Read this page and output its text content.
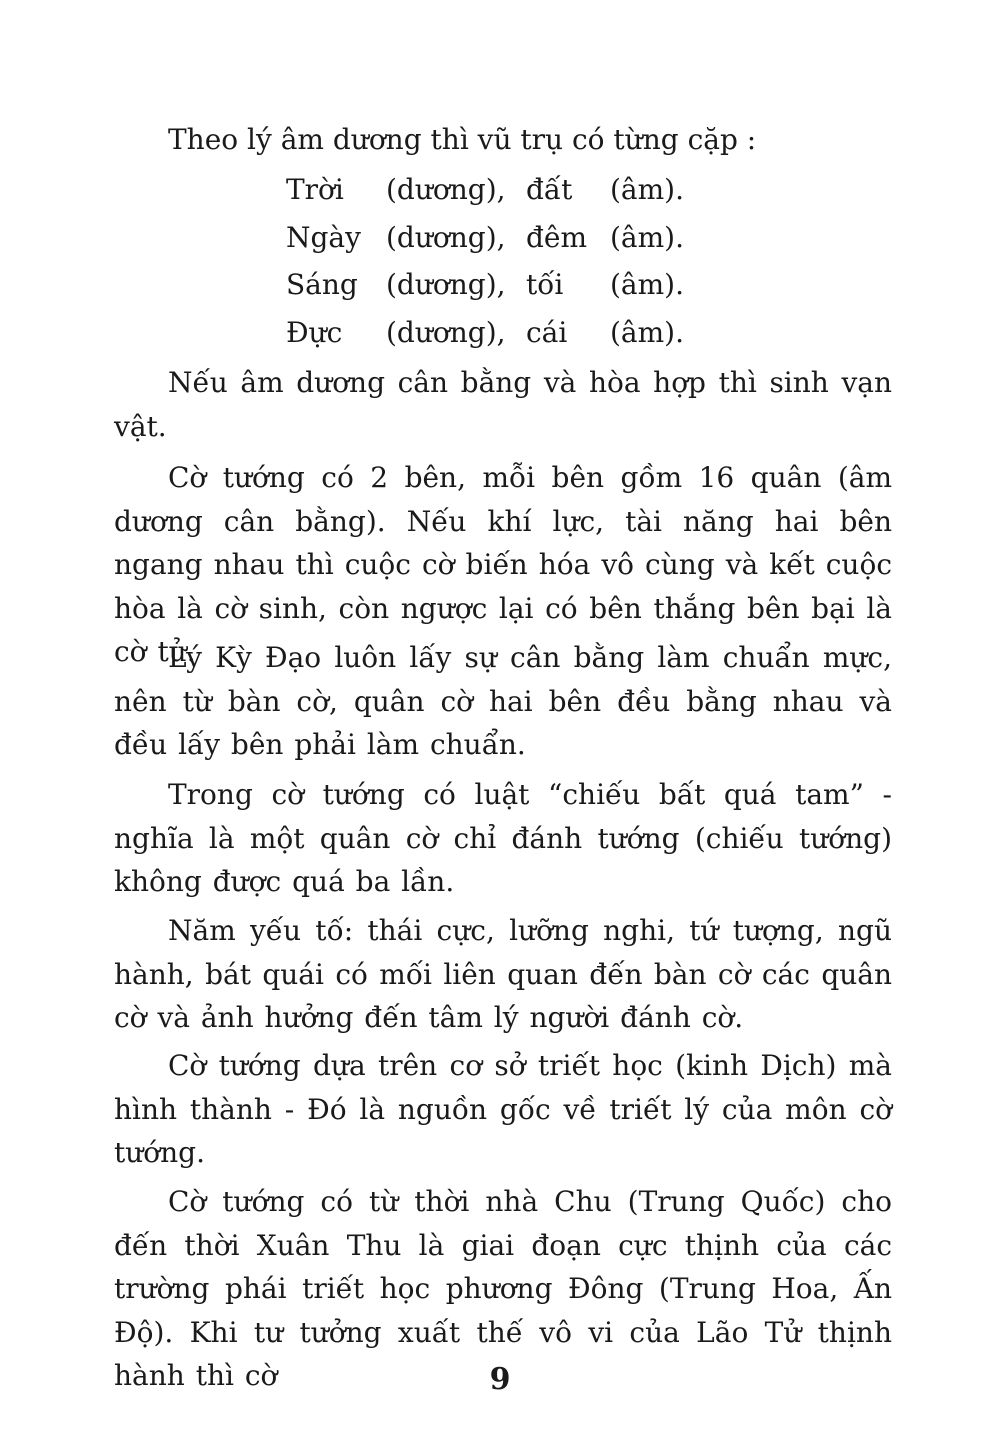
Theo lý âm dương thì vũ trụ có từng cặp :

Trời	(dương),	đất	(âm).
Ngày	(dương),	đêm	(âm).
Sáng	(dương),	tối	(âm).
Đực	(dương),	cái	(âm).

Nếu âm dương cân bằng và hòa hợp thì sinh vạn vật.

Cờ tướng có 2 bên, mỗi bên gồm 16 quân (âm dương cân bằng). Nếu khí lực, tài năng hai bên ngang nhau thì cuộc cờ biến hóa vô cùng và kết cuộc hòa là cờ sinh, còn ngược lại có bên thắng bên bại là cờ tử.

Lý Kỳ Đạo luôn lấy sự cân bằng làm chuẩn mực, nên từ bàn cờ, quân cờ hai bên đều bằng nhau và đều lấy bên phải làm chuẩn.

Trong cờ tướng có luật “chiếu bất quá tam” - nghĩa là một quân cờ chỉ đánh tướng (chiếu tướng) không được quá ba lần.

Năm yếu tố: thái cực, lưỡng nghi, tứ tượng, ngũ hành, bát quái có mối liên quan đến bàn cờ các quân cờ và ảnh hưởng đến tâm lý người đánh cờ.

Cờ tướng dựa trên cơ sở triết học (kinh Dịch) mà hình thành - Đó là nguồn gốc về triết lý của môn cờ tướng.

Cờ tướng có từ thời nhà Chu (Trung Quốc) cho đến thời Xuân Thu là giai đoạn cực thịnh của các trường phái triết học phương Đông (Trung Hoa, Ấn Độ). Khi tư tưởng xuất thế vô vi của Lão Tử thịnh hành thì cờ	9
